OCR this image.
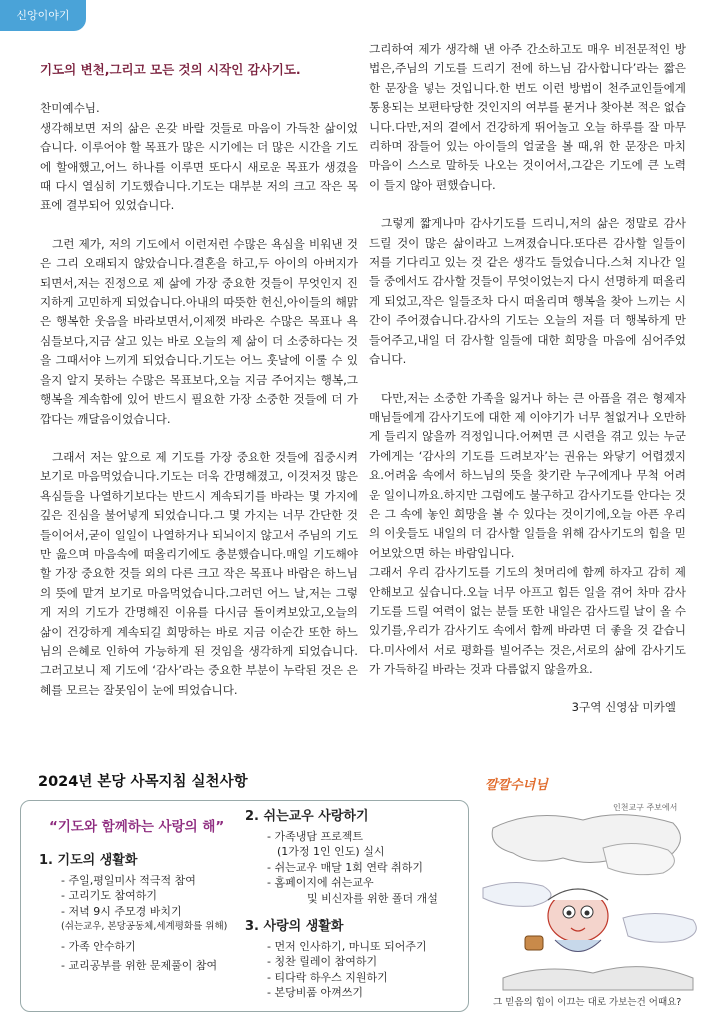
신앙이야기

기도의 변천,그리고 모든 것의 시작인 감사기도.

찬미예수님.

생각해보면 저의 삶은 온갖 바랄 것들로 마음이 가득찬 삶이었습니다. 이루어야 할 목표가 많은 시기에는 더 많은 시간을 기도에 할애했고,어느 하나를 이루면 또다시 새로운 목표가 생겼을 때 다시 열심히 기도했습니다.기도는 대부분 저의 크고 작은 목표에 결부되어 있었습니다.

그런 제가, 저의 기도에서 이런저런 수많은 욕심을 비워낸 것은 그리 오래되지 않았습니다.결혼을 하고,두 아이의 아버지가 되면서,저는 진정으로 제 삶에 가장 중요한 것들이 무엇인지 진지하게 고민하게 되었습니다.아내의 따뜻한 헌신,아이들의 해맑은 행복한 웃음을 바라보면서,이제껏 바라온 수많은 목표나 욕심들보다,지금 살고 있는 바로 오늘의 제 삶이 더 소중하다는 것을 그때서야 느끼게 되었습니다.기도는 어느 훗날에 이룰 수 있을지 알지 못하는 수많은 목표보다,오늘 지금 주어지는 행복,그 행복을 계속함에 있어 반드시 필요한 가장 소중한 것들에 더 가깝다는 깨달음이었습니다.

그래서 저는 앞으로 제 기도를 가장 중요한 것들에 집중시켜 보기로 마음먹었습니다.기도는 더욱 간명해졌고, 이것저것 많은 욕심들을 나열하기보다는 반드시 계속되기를 바라는 몇 가지에 깊은 진심을 불어넣게 되었습니다.그 몇 가지는 너무 간단한 것들이어서,굳이 일일이 나열하거나 되뇌이지 않고서 주님의 기도만 읊으며 마음속에 떠올리기에도 충분했습니다.매일 기도해야 할 가장 중요한 것들 외의 다른 크고 작은 목표나 바람은 하느님의 뜻에 맡겨 보기로 마음먹었습니다.그러던 어느 날,저는 그렇게 저의 기도가 간명해진 이유를 다시금 돌이켜보았고,오늘의 삶이 건강하게 계속되길 희망하는 바로 지금 이순간 또한 하느님의 은혜로 인하여 가능하게 된 것임을 생각하게 되었습니다.그러고보니 제 기도에 ‘감사’라는 중요한 부분이 누락된 것은 은혜를 모르는 잘못임이 눈에 띄었습니다.

그리하여 제가 생각해 낸 아주 간소하고도 매우 비전문적인 방법은,주님의 기도를 드리기 전에 하느님 감사합니다’라는 짧은 한 문장을 넣는 것입니다.한 번도 이런 방법이 천주교인들에게 통용되는 보편타당한 것인지의 여부를 묻거나 찾아본 적은 없습니다.다만,저의 곁에서 건강하게 뛰어놀고 오늘 하루를 잘 마무리하며 잠들어 있는 아이들의 얼굴을 볼 때,위 한 문장은 마치 마음이 스스로 말하듯 나오는 것이어서,그같은 기도에 큰 노력이 들지 않아 편했습니다.

그렇게 짧게나마 감사기도를 드리니,저의 삶은 정말로 감사드릴 것이 많은 삶이라고 느껴졌습니다.또다른 감사할 일들이 저를 기다리고 있는 것 같은 생각도 들었습니다.스쳐 지나간 일들 중에서도 감사할 것들이 무엇이었는지 다시 선명하게 떠올리게 되었고,작은 일들조차 다시 떠올리며 행복을 찾아 느끼는 시간이 주어졌습니다.감사의 기도는 오늘의 저를 더 행복하게 만들어주고,내일 더 감사할 일들에 대한 희망을 마음에 심어주었습니다.

다만,저는 소중한 가족을 잃거나 하는 큰 아픔을 겪은 형제자매님들에게 감사기도에 대한 제 이야기가 너무 철없거나 오만하게 들리지 않을까 걱정입니다.어쩌면 큰 시련을 겪고 있는 누군가에게는 ‘감사의 기도를 드려보자’는 권유는 와닿기 어렵겠지요.어려움 속에서 하느님의 뜻을 찾기란 누구에게나 무척 어려운 일이니까요.하지만 그럼에도 불구하고 감사기도를 안다는 것은 그 속에 놓인 희망을 볼 수 있다는 것이기에,오늘 아픈 우리의 이웃들도 내일의 더 감사할 일들을 위해 감사기도의 힘을 믿어보았으면 하는 바람입니다.

그래서 우리 감사기도를 기도의 첫머리에 함께 하자고 감히 제안해보고 싶습니다.오늘 너무 아프고 힘든 일을 겪어 차마 감사기도를 드릴 여력이 없는 분들 또한 내일은 감사드릴 날이 올 수 있기를,우리가 감사기도 속에서 함께 바라면 더 좋을 것 같습니다.미사에서 서로 평화를 빌어주는 것은,서로의 삶에 감사기도가 가득하길 바라는 것과 다름없지 않을까요.

3구역 신영삼 미카엘

2024년 본당 사목지침 실천사항
“기도와 함께하는 사랑의 해”
1. 기도의 생활화
- 주일,평일미사 적극적 참여
- 고리기도 참여하기
- 저녁 9시 주모경 바치기
(쉬는교우, 본당공동체,세계평화를 위해)
- 가족 안수하기
- 교리공부를 위한 문제풀이 참여
2. 쉬는교우 사랑하기
- 가족냉담 프로젝트
(1가정 1인 인도) 실시
- 쉬는교우 매달 1회 연락 취하기
- 홈페이지에 쉬는교우
및 비신자를 위한 폴더 개설
3. 사랑의 생활화
- 먼저 인사하기, 마니또 되어주기
- 칭찬 릴레이 참여하기
- 티다락 하우스 지원하기
- 본당비품 아껴쓰기
깔깔수녀님
인천교구 주보에서
그 믿음의 힘이 이끄는 대로 가보는건 어때요?
